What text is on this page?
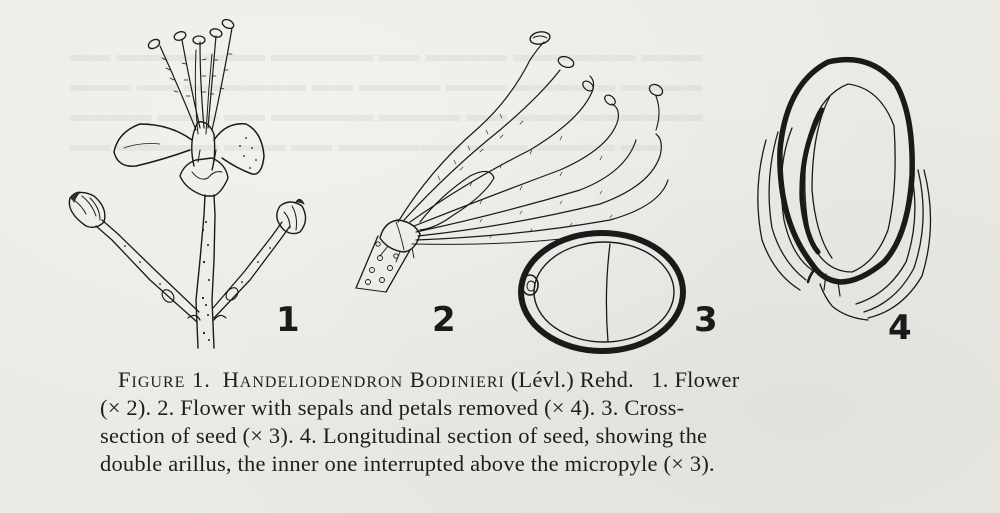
▬▬ ▬▬▬▬ ▬▬▬ ▬▬▬▬▬ ▬▬ ▬▬▬▬ ▬▬▬▬▬▬ ▬▬▬
▬▬▬ ▬▬ ▬▬▬▬▬▬ ▬▬ ▬▬▬▬ ▬▬▬ ▬▬▬▬▬ ▬▬▬▬
▬▬▬▬ ▬▬▬ ▬▬ ▬▬▬▬▬ ▬▬▬▬ ▬▬ ▬▬▬ ▬▬▬▬▬▬
▬▬ ▬▬▬▬▬ ▬▬▬ ▬▬ ▬▬▬▬▬▬ ▬▬▬ ▬▬▬▬ ▬▬
1	2	3	4
Figure 1. Handeliodendron Bodinieri (Lévl.) Rehd. 1. Flower
(× 2). 2. Flower with sepals and petals removed (× 4). 3. Cross-
section of seed (× 3). 4. Longitudinal section of seed, showing the
double arillus, the inner one interrupted above the micropyle (× 3).
